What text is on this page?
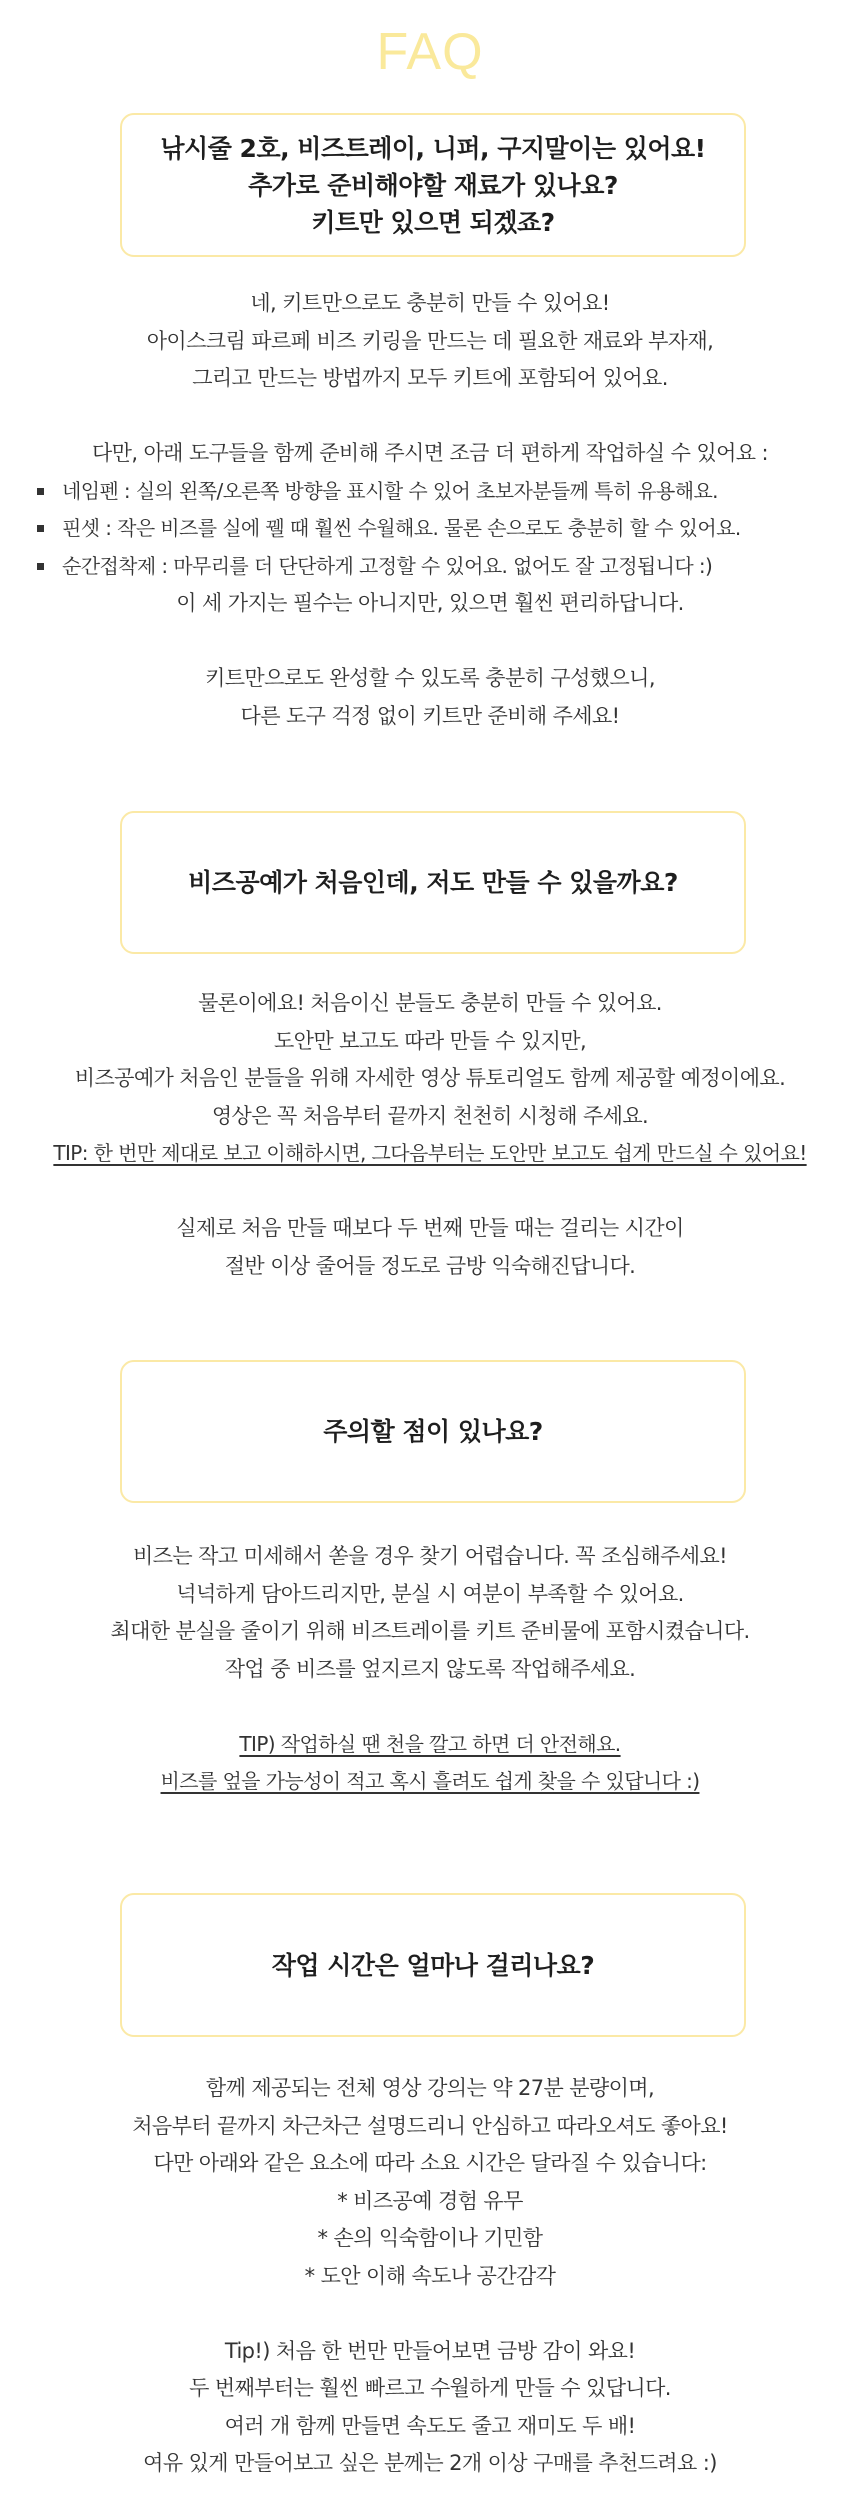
FAQ
낚시줄 2호, 비즈트레이, 니퍼, 구지말이는 있어요!
추가로 준비해야할 재료가 있나요?
키트만 있으면 되겠죠?
네, 키트만으로도 충분히 만들 수 있어요!
아이스크림 파르페 비즈 키링을 만드는 데 필요한 재료와 부자재,
그리고 만드는 방법까지 모두 키트에 포함되어 있어요.
다만, 아래 도구들을 함께 준비해 주시면 조금 더 편하게 작업하실 수 있어요 :
네임펜 : 실의 왼쪽/오른쪽 방향을 표시할 수 있어 초보자분들께 특히 유용해요.
핀셋 : 작은 비즈를 실에 꿸 때 훨씬 수월해요. 물론 손으로도 충분히 할 수 있어요.
순간접착제 : 마무리를 더 단단하게 고정할 수 있어요. 없어도 잘 고정됩니다 :)
이 세 가지는 필수는 아니지만, 있으면 훨씬 편리하답니다.
키트만으로도 완성할 수 있도록 충분히 구성했으니,
다른 도구 걱정 없이 키트만 준비해 주세요!
비즈공예가 처음인데, 저도 만들 수 있을까요?
물론이에요! 처음이신 분들도 충분히 만들 수 있어요.
도안만 보고도 따라 만들 수 있지만,
비즈공예가 처음인 분들을 위해 자세한 영상 튜토리얼도 함께 제공할 예정이에요.
영상은 꼭 처음부터 끝까지 천천히 시청해 주세요.
TIP: 한 번만 제대로 보고 이해하시면, 그다음부터는 도안만 보고도 쉽게 만드실 수 있어요!
실제로 처음 만들 때보다 두 번째 만들 때는 걸리는 시간이
절반 이상 줄어들 정도로 금방 익숙해진답니다.
주의할 점이 있나요?
비즈는 작고 미세해서 쏟을 경우 찾기 어렵습니다. 꼭 조심해주세요!
넉넉하게 담아드리지만, 분실 시 여분이 부족할 수 있어요.
최대한 분실을 줄이기 위해 비즈트레이를 키트 준비물에 포함시켰습니다.
작업 중 비즈를 엎지르지 않도록 작업해주세요.
TIP) 작업하실 땐 천을 깔고 하면 더 안전해요.
비즈를 엎을 가능성이 적고 혹시 흘려도 쉽게 찾을 수 있답니다 :)
작업 시간은 얼마나 걸리나요?
함께 제공되는 전체 영상 강의는 약 27분 분량이며,
처음부터 끝까지 차근차근 설명드리니 안심하고 따라오셔도 좋아요!
다만 아래와 같은 요소에 따라 소요 시간은 달라질 수 있습니다:
* 비즈공예 경험 유무
* 손의 익숙함이나 기민함
* 도안 이해 속도나 공간감각
Tip!) 처음 한 번만 만들어보면 금방 감이 와요!
두 번째부터는 훨씬 빠르고 수월하게 만들 수 있답니다.
여러 개 함께 만들면 속도도 줄고 재미도 두 배!
여유 있게 만들어보고 싶은 분께는 2개 이상 구매를 추천드려요 :)
